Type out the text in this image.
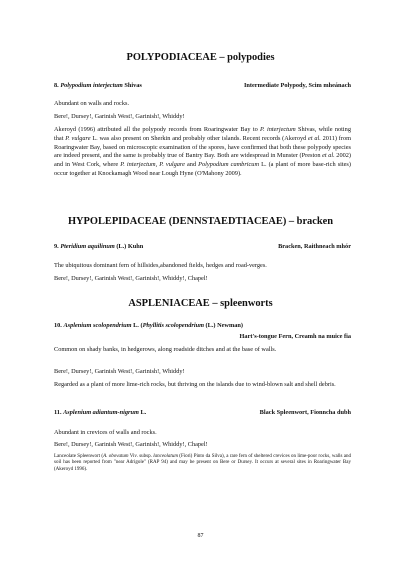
POLYPODIACEAE – polypodies
8. Polypodium interjectum Shivas	Intermediate Polypody, Scim mheánach
Abundant on walls and rocks.
Bere!, Dursey!, Garinish West!, Garinish!, Whiddy!
Akeroyd (1996) attributed all the polypody records from Roaringwater Bay to P. interjectum Shivas, while noting that P. vulgare L. was also present on Sherkin and probably other islands. Recent records (Akeroyd et al. 2011) from Roaringwater Bay, based on microscopic examination of the spores, have confirmed that both these polypody species are indeed present, and the same is probably true of Bantry Bay. Both are widespread in Munster (Preston et al. 2002) and in West Cork, where P. interjectum, P. vulgare and Polypodium cambricum L. (a plant of more base-rich sites) occur together at Knockamagh Wood near Lough Hyne (O'Mahony 2009).
HYPOLEPIDACEAE (DENNSTAEDTIACEAE) – bracken
9. Pteridium aquilinum (L.) Kuhn	Bracken, Raithneach mhór
The ubiquitous dominant fern of hillsides,abandoned fields, hedges and road-verges.
Bere!, Dursey!, Garinish West!, Garinish!, Whiddy!, Chapel!
ASPLENIACEAE – spleenworts
10. Asplenium scolopendrium L. (Phyllitis scolopendrium (L.) Newman)
Hart's-tongue Fern, Creamh na muice fia
Common on shady banks, in hedgerows, along roadside ditches and at the base of walls.
Bere!, Dursey!, Garinish West!, Garinish!, Whiddy!
Regarded as a plant of more lime-rich rocks, but thriving on the islands due to wind-blown salt and shell debris.
11. Asplenium adiantum-nigrum L.	Black Spleenwort, Fionncha dubh
Abundant in crevices of walls and rocks.
Bere!, Dursey!, Garinish West!, Garinish!, Whiddy!, Chapel!
Lanceolate Spleenwort (A. obovatum Viv. subsp. lanceolatum (Fiori) Pinto da Silva), a rare fern of sheltered crevices on lime-poor rocks, walls and soil has been reported from "near Adrigole" (RAP 94) and may be present on Bere or Dursey. It occurs at several sites in Roaringwater Bay (Akeroyd 1996).
87
